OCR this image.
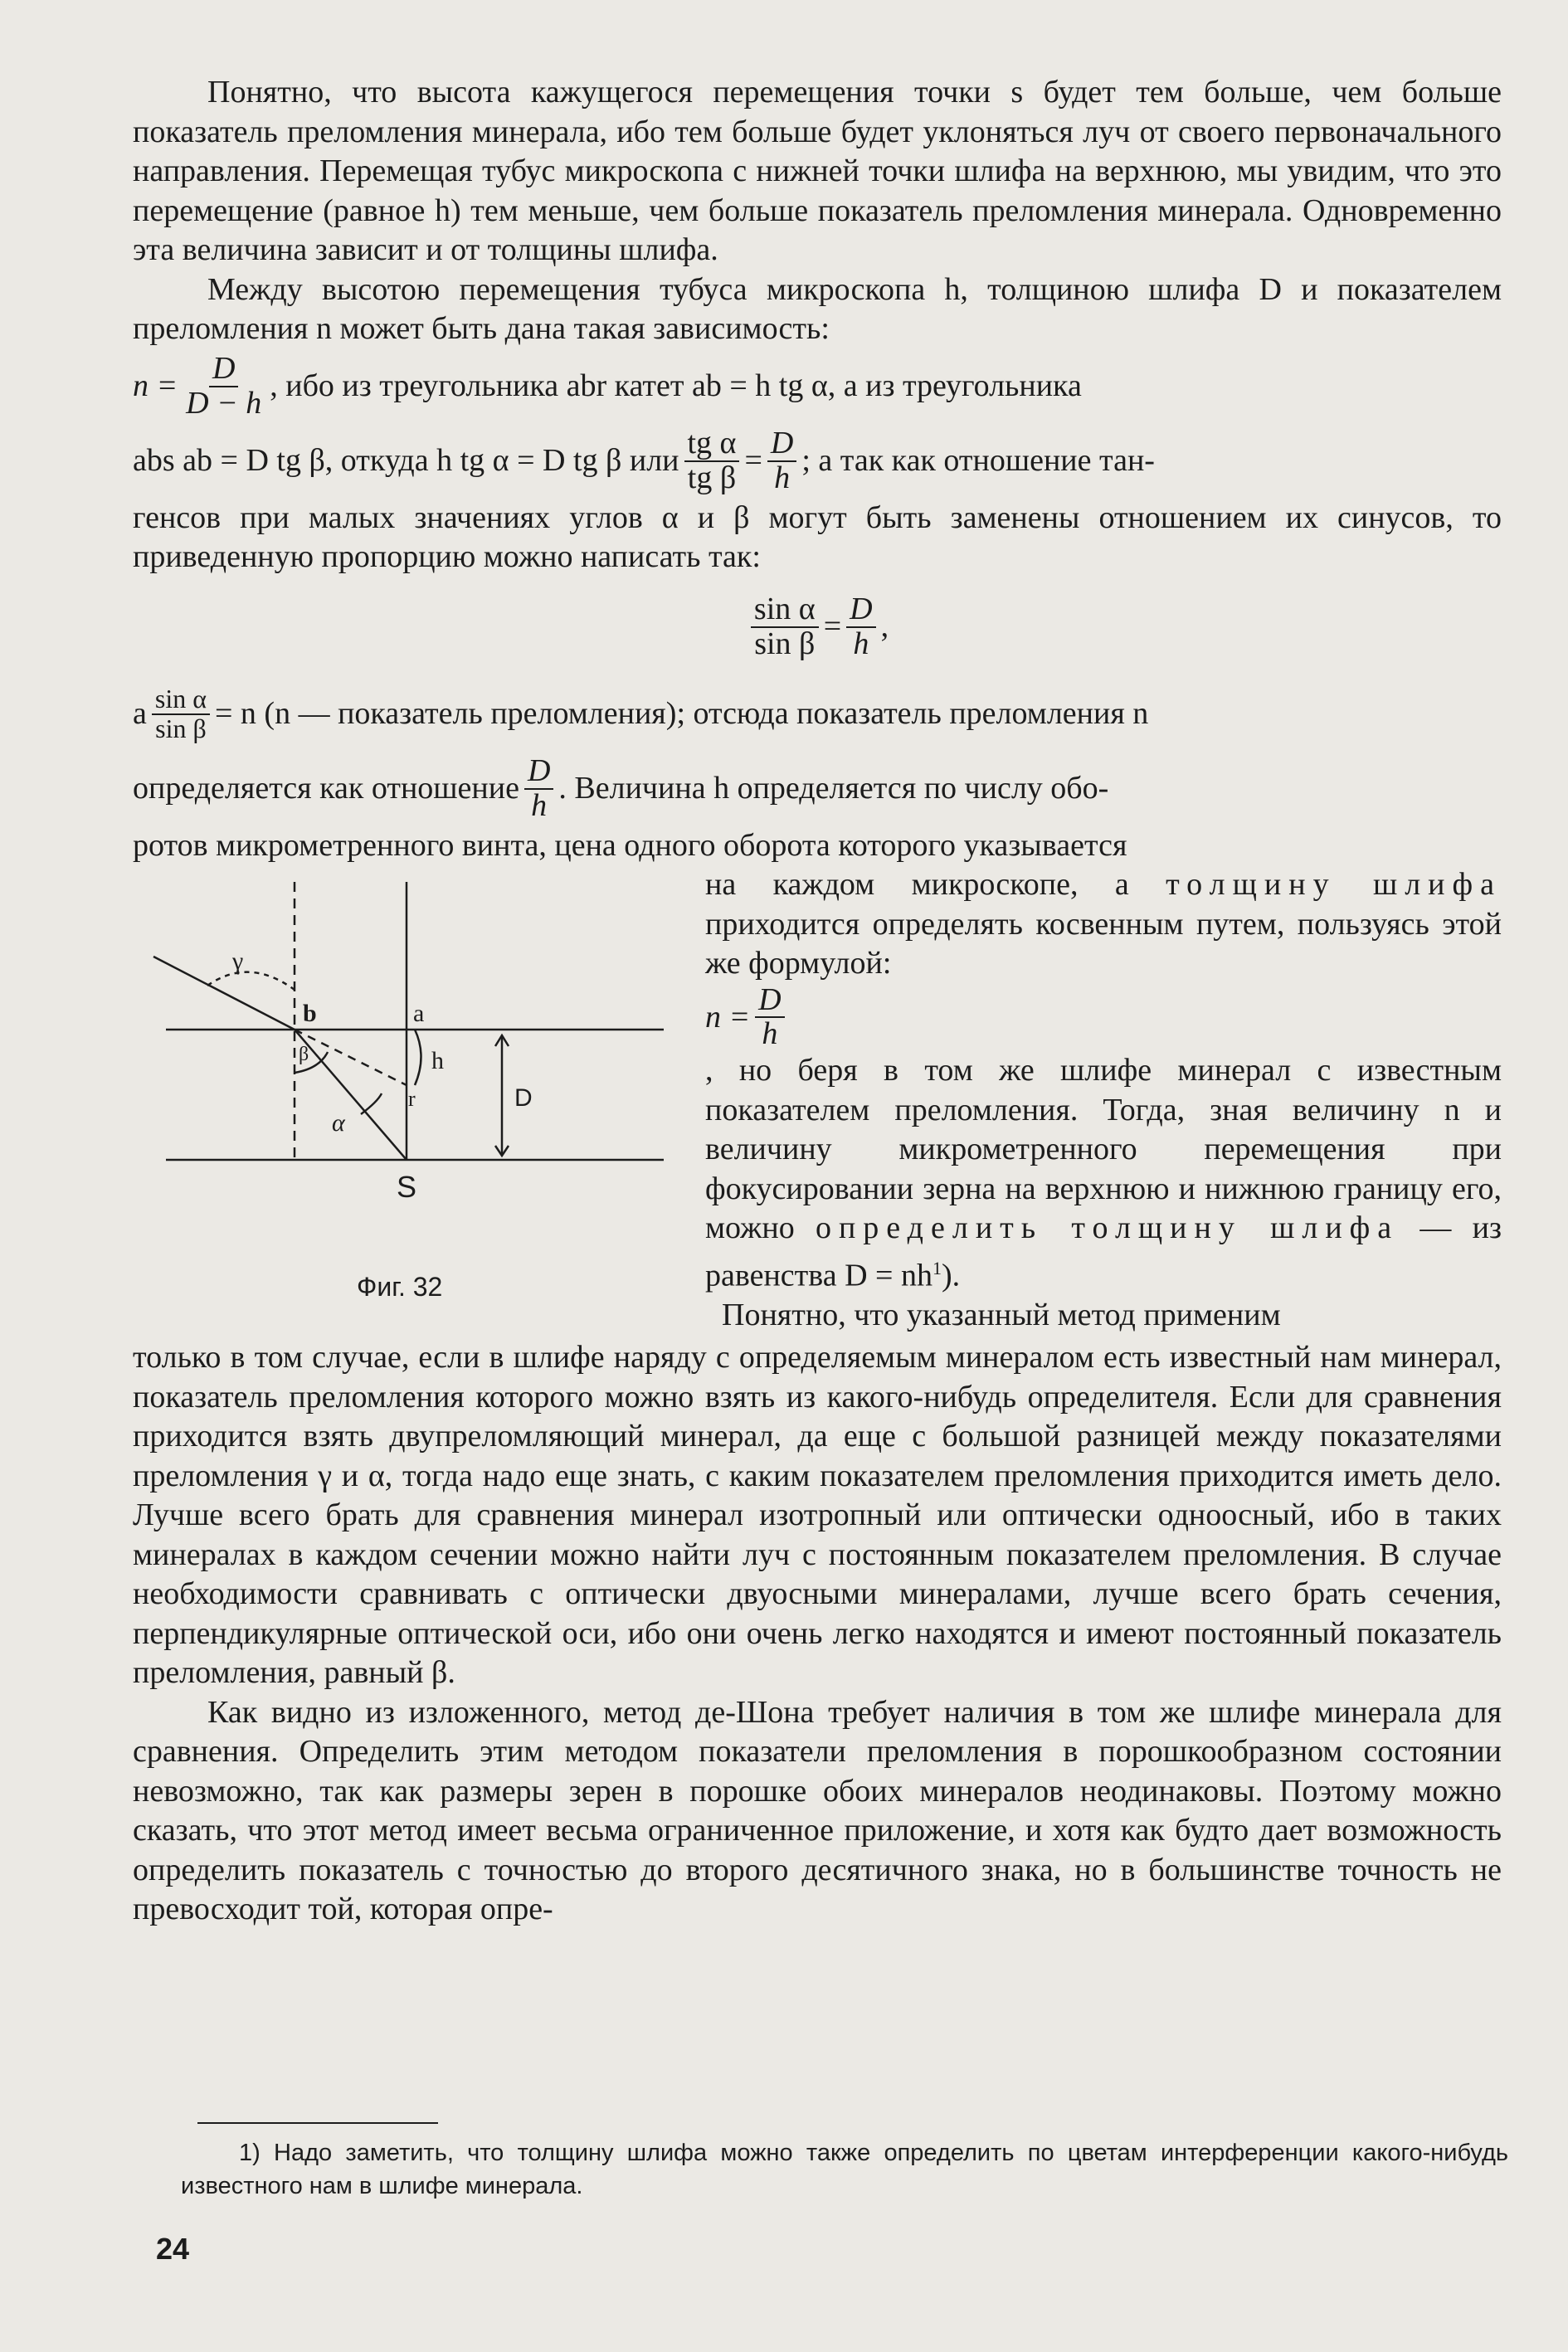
Понятно, что высота кажущегося перемещения точки s будет тем больше, чем больше показатель преломления минерала, ибо тем больше будет уклоняться луч от своего первоначального направления. Перемещая тубус микроскопа с нижней точки шлифа на верхнюю, мы увидим, что это перемещение (равное h) тем меньше, чем больше показатель преломления минерала. Одновременно эта величина зависит и от толщины шлифа.

Между высотою перемещения тубуса микроскопа h, толщиною шлифа D и показателем преломления n может быть дана такая зависимость:

$n = \frac{D}{D - h}$ , ибо из треугольника abr катет ab = h tg α, а из треугольника
abs ab = D tg β, откуда h tg α = D tg β или $\frac{\text{tg α}}{\text{tg β}} = \frac{D}{h}$ ; а так как отношение тан-

генсов при малых значениях углов α и β могут быть заменены отношением их синусов, то приведенную пропорцию можно написать так:

$\frac{\text{sin α}}{\text{sin β}} = \frac{D}{h}$ ,
а $\frac{\text{sin α}}{\text{sin β}} = n$ (n — показатель преломления); отсюда показатель преломления n
определяется как отношение $\frac{D}{h}$ . Величина h определяется по числу обо-

ротов микрометренного винта, цена одного оборота которого указывается

γ
b	a
r
h
D
β
α
S
Фиг. 32

на каждом микроскопе, а толщину шлифа приходится определять косвенным путем, пользуясь этой же формулой:

$n = \frac{D}{h}$

, но беря в том же шлифе минерал с известным показателем преломления. Тогда, зная величину n и величину микрометренного перемещения при фокусировании зерна на верхнюю и нижнюю границу его, можно определить толщину шлифа — из равенства $D = nh^1$).

Понятно, что указанный метод применим

только в том случае, если в шлифе наряду с определяемым минералом есть известный нам минерал, показатель преломления которого можно взять из какого-нибудь определителя. Если для сравнения приходится взять двупреломляющий минерал, да еще с большой разницей между показателями преломления γ и α, тогда надо еще знать, с каким показателем преломления приходится иметь дело. Лучше всего брать для сравнения минерал изотропный или оптически одноосный, ибо в таких минералах в каждом сечении можно найти луч с постоянным показателем преломления. В случае необходимости сравнивать с оптически двуосными минералами, лучше всего брать сечения, перпендикулярные оптической оси, ибо они очень легко находятся и имеют постоянный показатель преломления, равный β.

Как видно из изложенного, метод де-Шона требует наличия в том же шлифе минерала для сравнения. Определить этим методом показатели преломления в порошкообразном состоянии невозможно, так как размеры зерен в порошке обоих минералов неодинаковы. Поэтому можно сказать, что этот метод имеет весьма ограниченное приложение, и хотя как будто дает возможность определить показатель с точностью до второго десятичного знака, но в большинстве точность не превосходит той, которая опре-

1) Надо заметить, что толщину шлифа можно также определить по цветам интерференции какого-нибудь известного нам в шлифе минерала.
24
